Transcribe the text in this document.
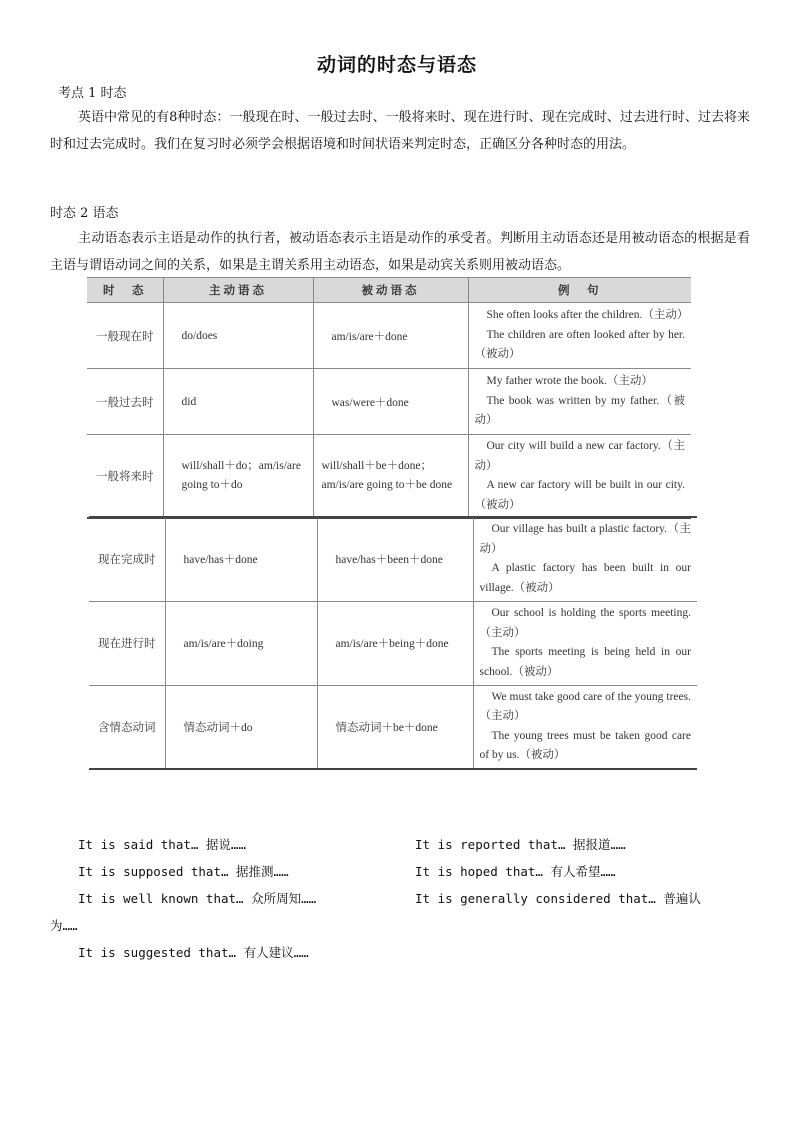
动词的时态与语态
考点 1 时态
英语中常见的有8种时态：一般现在时、一般过去时、一般将来时、现在进行时、现在完成时、过去进行时、过去将来时和过去完成时。我们在复习时必须学会根据语境和时间状语来判定时态，正确区分各种时态的用法。
时态 2 语态
主动语态表示主语是动作的执行者，被动语态表示主语是动作的承受者。判断用主动语态还是用被动语态的根据是看主语与谓语动词之间的关系，如果是主谓关系用主动语态，如果是动宾关系则用被动语态。
时　态	主动语态	被动语态	例　句
一般现在时	do/does	am/is/are＋done	She often looks after the children.（主动）
The children are often looked after by her.（被动）

一般过去时	did	was/were＋done	My father wrote the book.（主动）
The book was written by my father.（被动）

一般将来时	will/shall＋do；am/is/are going to＋do	will/shall＋be＋done；am/is/are going to＋be done	Our city will build a new car factory.（主动）
A new car factory will be built in our city.（被动）
现在完成时	have/has＋done	have/has＋been＋done	Our village has built a plastic factory.（主动）
A plastic factory has been built in our village.（被动）

现在进行时	am/is/are＋doing	am/is/are＋being＋done	Our school is holding the sports meeting.（主动）
The sports meeting is being held in our school.（被动）

含情态动词	情态动词＋do	情态动词＋be＋done	We must take good care of the young trees.（主动）
The young trees must be taken good care of by us.（被动）
It is said that… 据说……	It is reported that… 据报道……
It is supposed that… 据推测……	It is hoped that… 有人希望……
It is well known that… 众所周知……	It is generally considered that… 普遍认
为……
It is suggested that… 有人建议……
